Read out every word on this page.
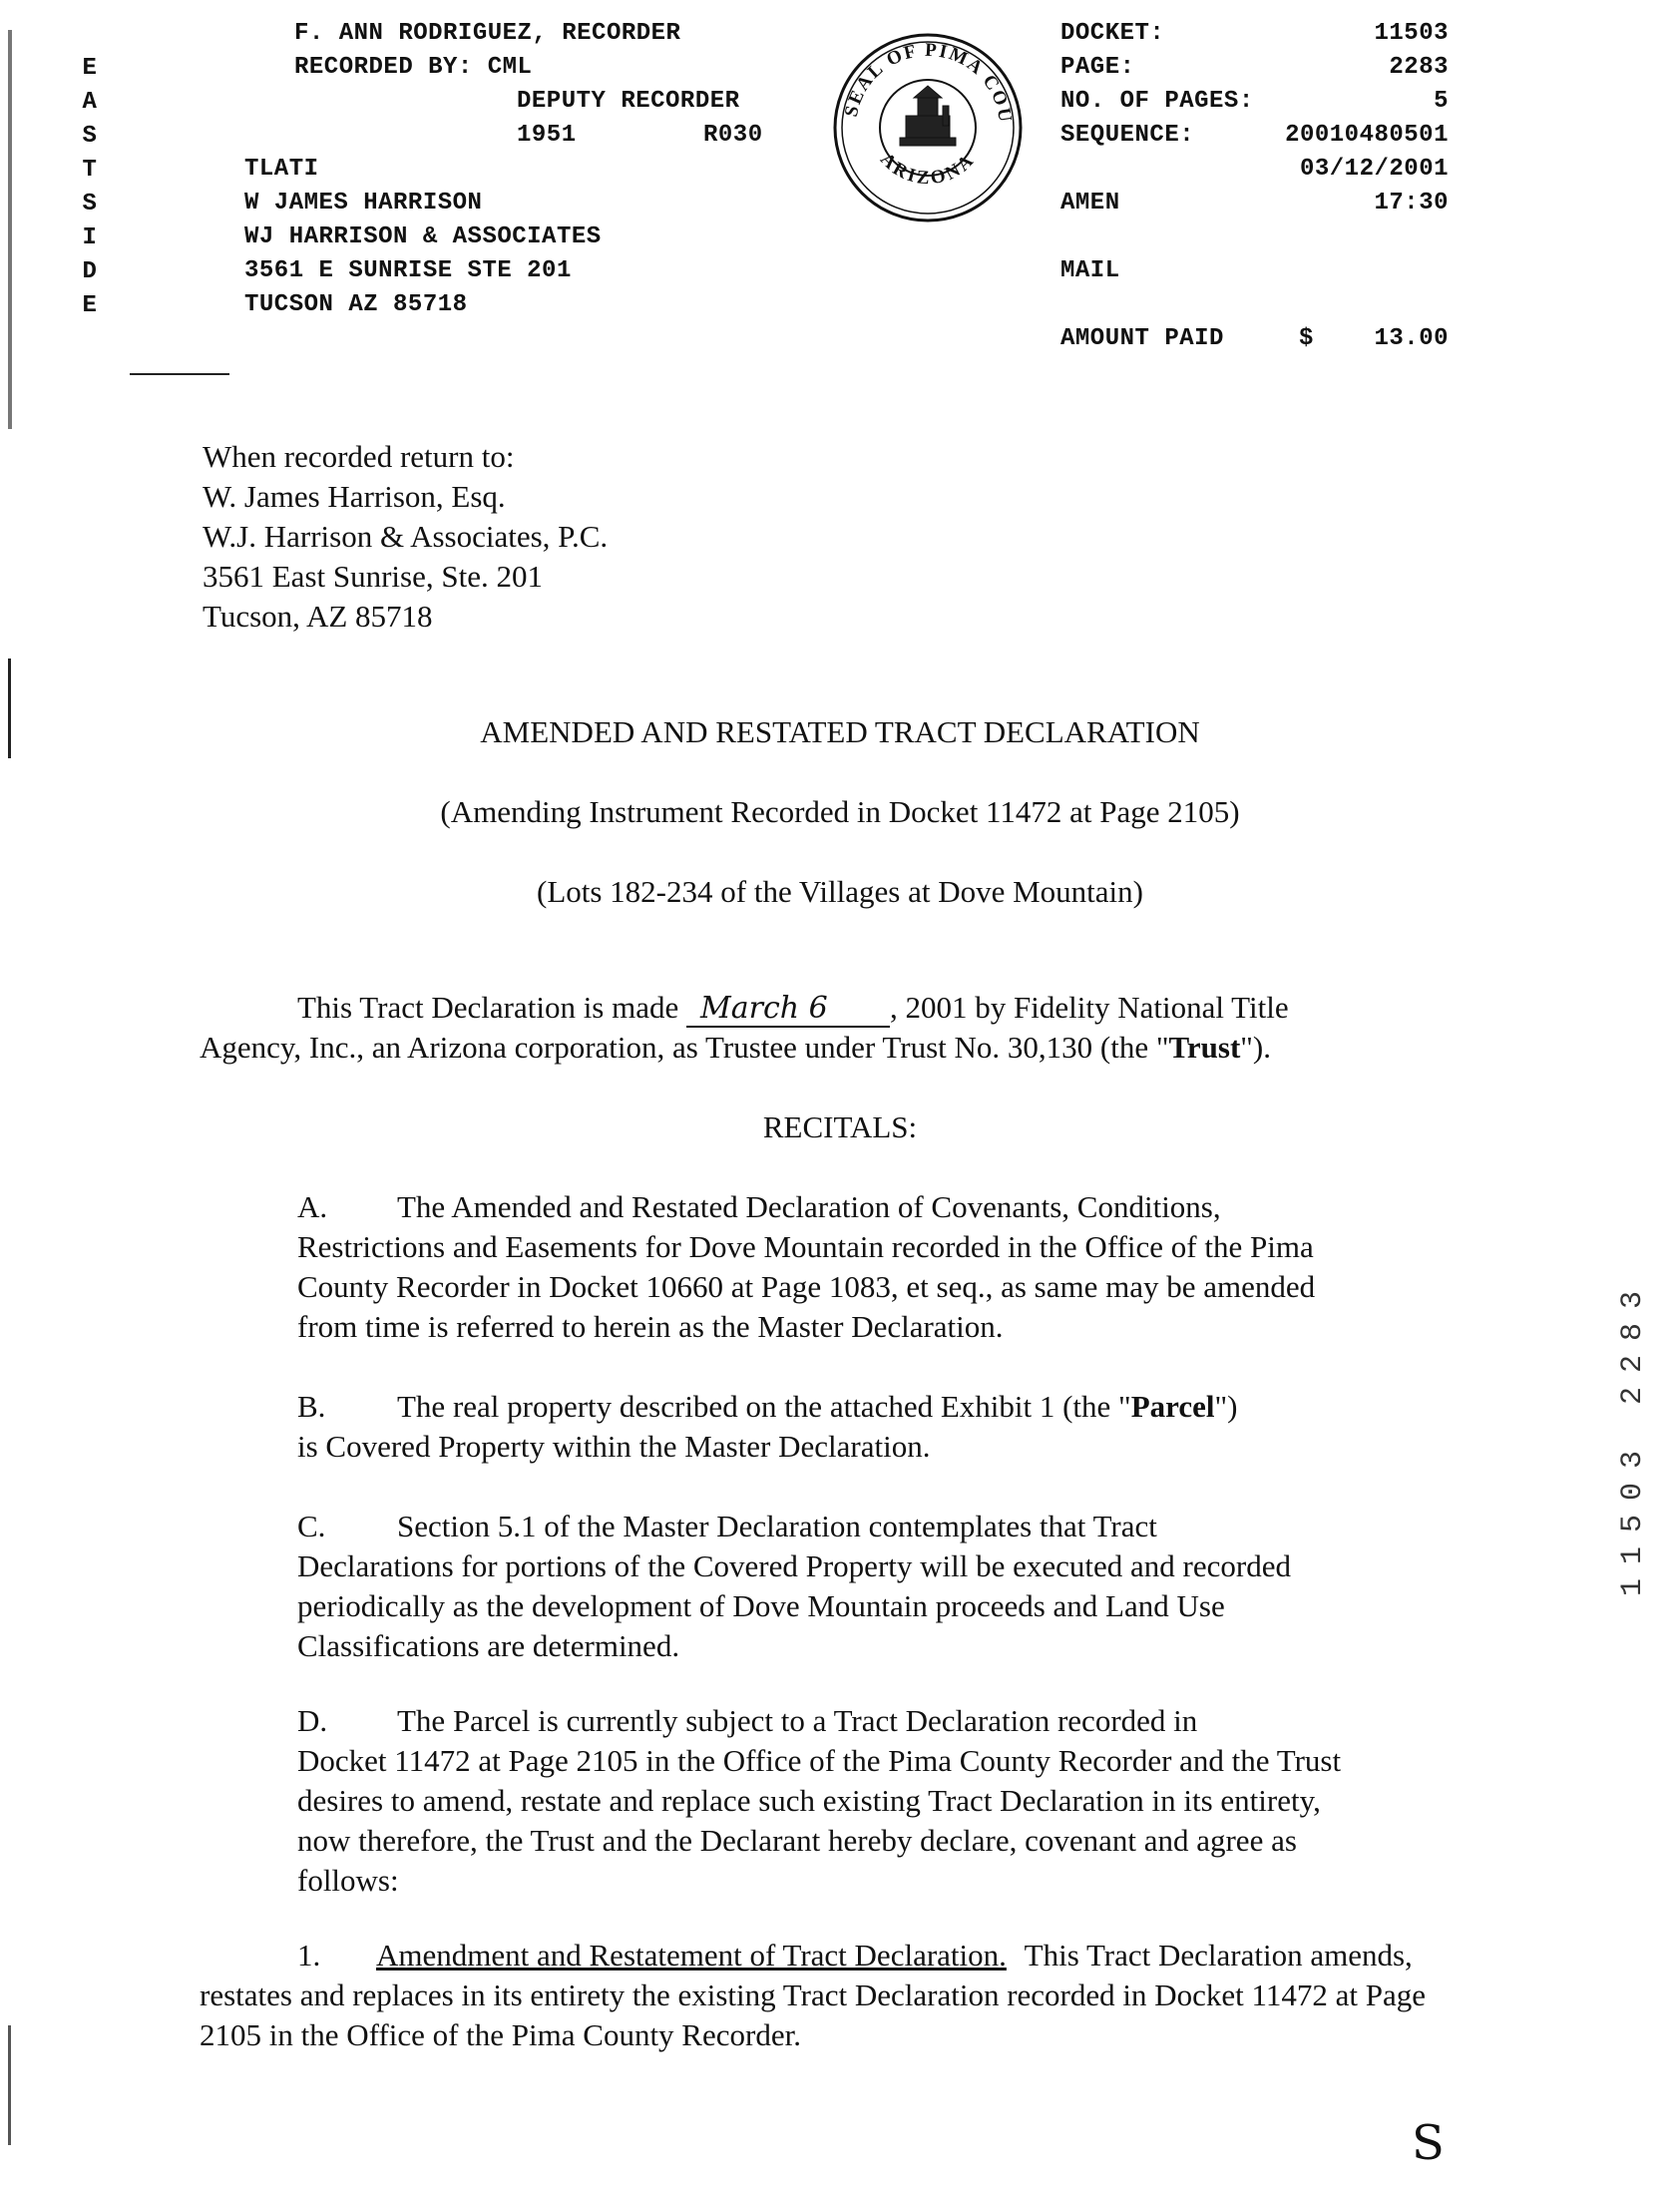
E
A
S
T
S
I
D
E
F. ANN RODRIGUEZ, RECORDER
RECORDED BY: CML
DEPUTY RECORDER
1951	R030
TLATI
W JAMES HARRISON
WJ HARRISON & ASSOCIATES
3561 E SUNRISE STE 201
TUCSON AZ 85718
SEAL OF PIMA COU
ARIZONA
DOCKET:	11503
PAGE:	2283
NO. OF PAGES:	5
SEQUENCE:	20010480501
03/12/2001
AMEN	17:30
MAIL
AMOUNT PAID	$	13.00
When recorded return to:
W. James Harrison, Esq.
W.J. Harrison & Associates, P.C.
3561 East Sunrise, Ste. 201
Tucson, AZ 85718
AMENDED AND RESTATED TRACT DECLARATION
(Amending Instrument Recorded in Docket 11472 at Page 2105)
(Lots 182-234 of the Villages at Dove Mountain)
This Tract Declaration is made March 6 , 2001 by Fidelity National Title
Agency, Inc., an Arizona corporation, as Trustee under Trust No. 30,130 (the "Trust").
RECITALS:
A. The Amended and Restated Declaration of Covenants, Conditions,
Restrictions and Easements for Dove Mountain recorded in the Office of the Pima
County Recorder in Docket 10660 at Page 1083, et seq., as same may be amended
from time is referred to herein as the Master Declaration.
B. The real property described on the attached Exhibit 1 (the "Parcel")
is Covered Property within the Master Declaration.
C. Section 5.1 of the Master Declaration contemplates that Tract
Declarations for portions of the Covered Property will be executed and recorded
periodically as the development of Dove Mountain proceeds and Land Use
Classifications are determined.
D. The Parcel is currently subject to a Tract Declaration recorded in
Docket 11472 at Page 2105 in the Office of the Pima County Recorder and the Trust
desires to amend, restate and replace such existing Tract Declaration in its entirety,
now therefore, the Trust and the Declarant hereby declare, covenant and agree as
follows:
1. Amendment and Restatement of Tract Declaration. This Tract Declaration amends,
restates and replaces in its entirety the existing Tract Declaration recorded in Docket 11472 at Page
2105 in the Office of the Pima County Recorder.
11503 2283
S
